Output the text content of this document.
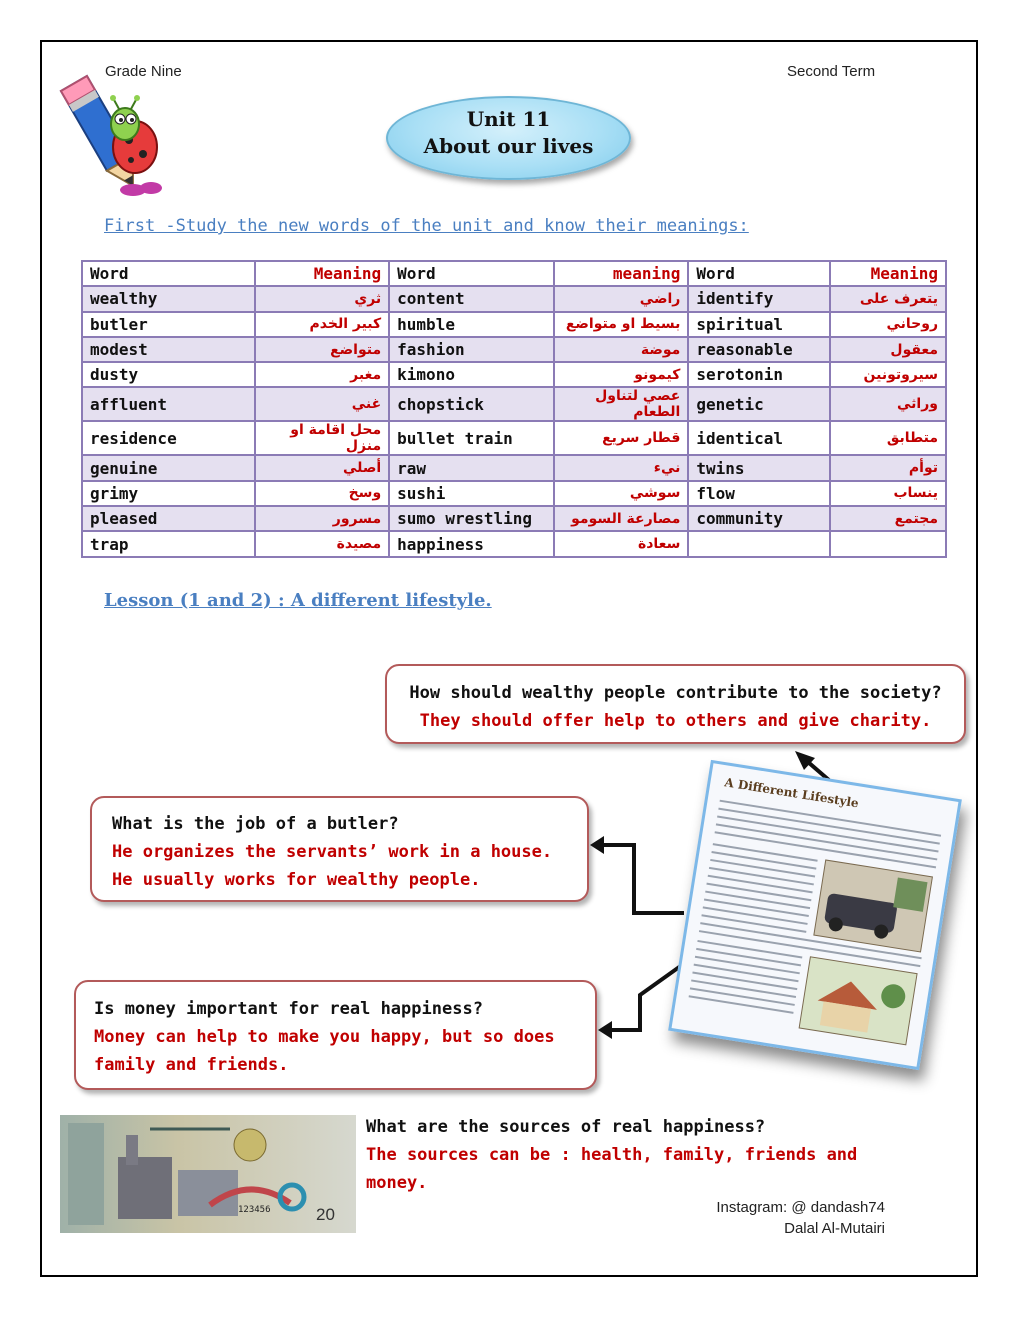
Grade Nine	Second Term
Unit 11
About our lives
First -Study the new words of the unit and know their meanings:
Word	Meaning	Word	meaning	Word	Meaning
wealthy	ثري	content	راضي	identify	يتعرف على
butler	كبير الخدم	humble	بسيط او متواضع	spiritual	روحاني
modest	متواضع	fashion	موضة	reasonable	معقول
dusty	مغبر	kimono	كيمونو	serotonin	سيروتونين
affluent	غني	chopstick	عصي لتناول الطعام	genetic	وراثي
residence	محل اقامة او منزل	bullet train	قطار سريع	identical	متطابق
genuine	أصلي	raw	نيء	twins	توأم
grimy	وسخ	sushi	سوشي	flow	ينساب
pleased	مسرور	sumo wrestling	مصارعة السومو	community	مجتمع
trap	مصيدة	happiness	سعادة		
Lesson (1 and 2) : A different lifestyle.
How should wealthy people contribute to the society?
They should offer help to others and give charity.
What is the job of a butler?
He organizes the servants’ work in a house.
He usually works for wealthy people.
Is money important for real happiness?
Money can help to make you happy, but so does
family and friends.
A Different Lifestyle
20
123456
What are the sources of real happiness?
The sources can be : health, family, friends and
money.
Instagram: @ dandash74
Dalal Al-Mutairi
